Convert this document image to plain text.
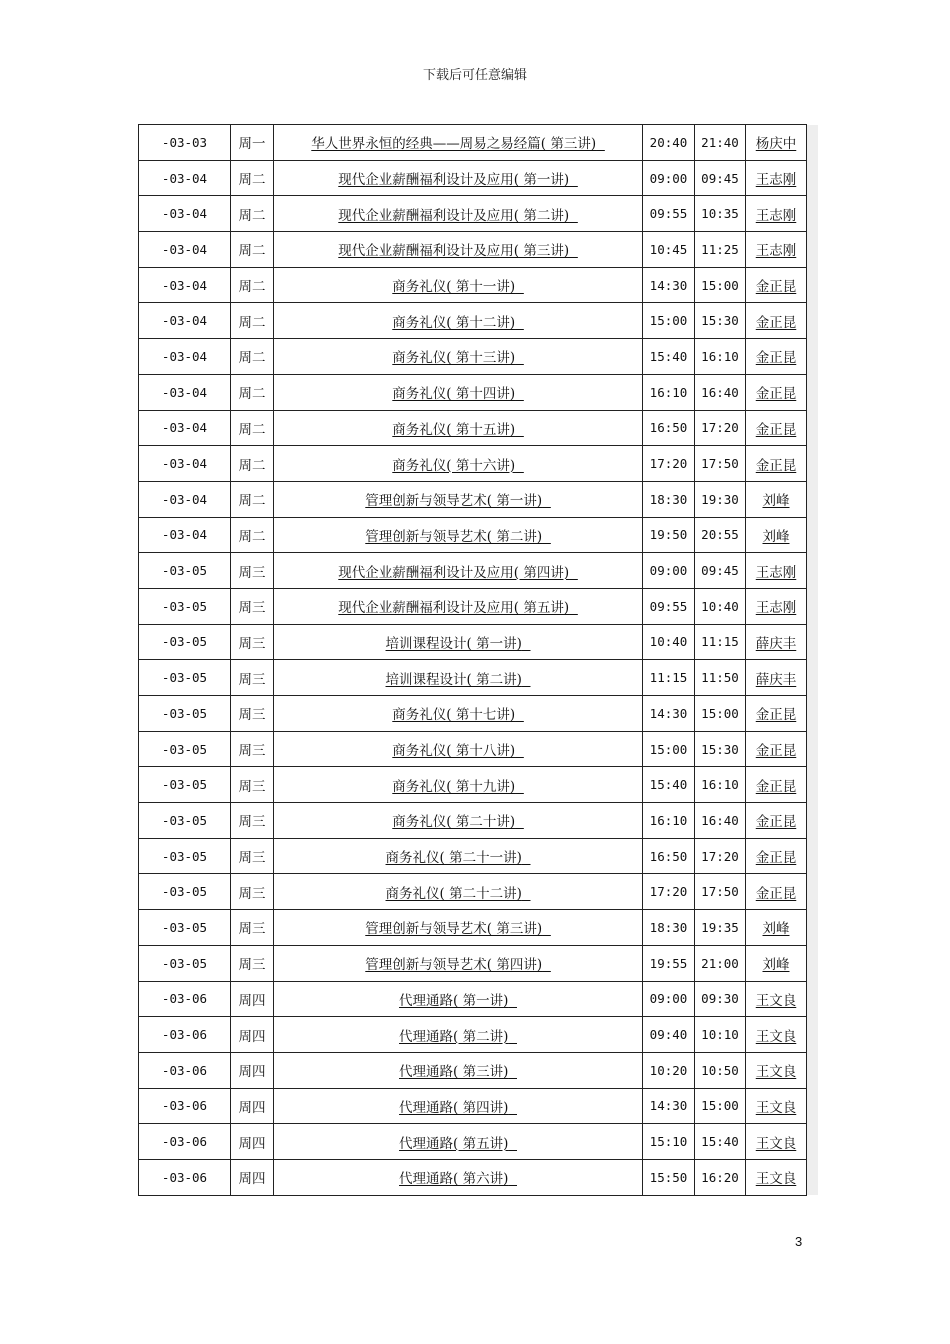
下载后可任意编辑
-03-03	周一	华人世界永恒的经典——周易之易经篇( 第三讲)	20:40	21:40	杨庆中
-03-04	周二	现代企业薪酬福利设计及应用( 第一讲)	09:00	09:45	王志刚
-03-04	周二	现代企业薪酬福利设计及应用( 第二讲)	09:55	10:35	王志刚
-03-04	周二	现代企业薪酬福利设计及应用( 第三讲)	10:45	11:25	王志刚
-03-04	周二	商务礼仪( 第十一讲)	14:30	15:00	金正昆
-03-04	周二	商务礼仪( 第十二讲)	15:00	15:30	金正昆
-03-04	周二	商务礼仪( 第十三讲)	15:40	16:10	金正昆
-03-04	周二	商务礼仪( 第十四讲)	16:10	16:40	金正昆
-03-04	周二	商务礼仪( 第十五讲)	16:50	17:20	金正昆
-03-04	周二	商务礼仪( 第十六讲)	17:20	17:50	金正昆
-03-04	周二	管理创新与领导艺术( 第一讲)	18:30	19:30	刘峰
-03-04	周二	管理创新与领导艺术( 第二讲)	19:50	20:55	刘峰
-03-05	周三	现代企业薪酬福利设计及应用( 第四讲)	09:00	09:45	王志刚
-03-05	周三	现代企业薪酬福利设计及应用( 第五讲)	09:55	10:40	王志刚
-03-05	周三	培训课程设计( 第一讲)	10:40	11:15	薛庆丰
-03-05	周三	培训课程设计( 第二讲)	11:15	11:50	薛庆丰
-03-05	周三	商务礼仪( 第十七讲)	14:30	15:00	金正昆
-03-05	周三	商务礼仪( 第十八讲)	15:00	15:30	金正昆
-03-05	周三	商务礼仪( 第十九讲)	15:40	16:10	金正昆
-03-05	周三	商务礼仪( 第二十讲)	16:10	16:40	金正昆
-03-05	周三	商务礼仪( 第二十一讲)	16:50	17:20	金正昆
-03-05	周三	商务礼仪( 第二十二讲)	17:20	17:50	金正昆
-03-05	周三	管理创新与领导艺术( 第三讲)	18:30	19:35	刘峰
-03-05	周三	管理创新与领导艺术( 第四讲)	19:55	21:00	刘峰
-03-06	周四	代理通路( 第一讲)	09:00	09:30	王文良
-03-06	周四	代理通路( 第二讲)	09:40	10:10	王文良
-03-06	周四	代理通路( 第三讲)	10:20	10:50	王文良
-03-06	周四	代理通路( 第四讲)	14:30	15:00	王文良
-03-06	周四	代理通路( 第五讲)	15:10	15:40	王文良
-03-06	周四	代理通路( 第六讲)	15:50	16:20	王文良
3
